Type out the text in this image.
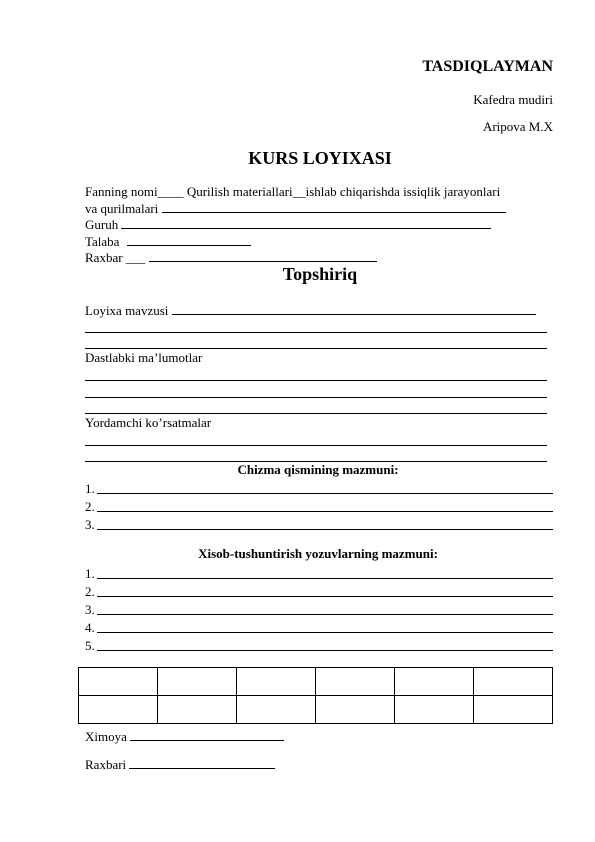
TASDIQLAYMAN
Kafedra mudiri
Aripova M.X
KURS LOYIXASI
Fanning nomi____ Qurilish materiallari__ishlab chiqarishda issiqlik jarayonlari
va qurilmalari
Guruh
Talaba
Raxbar ___
Topshiriq
Loyixa mavzusi
Dastlabki ma’lumotlar
Yordamchi ko’rsatmalar
Chizma qismining mazmuni:
1.
2.
3.
Xisob-tushuntirish yozuvlarning mazmuni:
1.
2.
3.
4.
5.

Ximoya
Raxbari
